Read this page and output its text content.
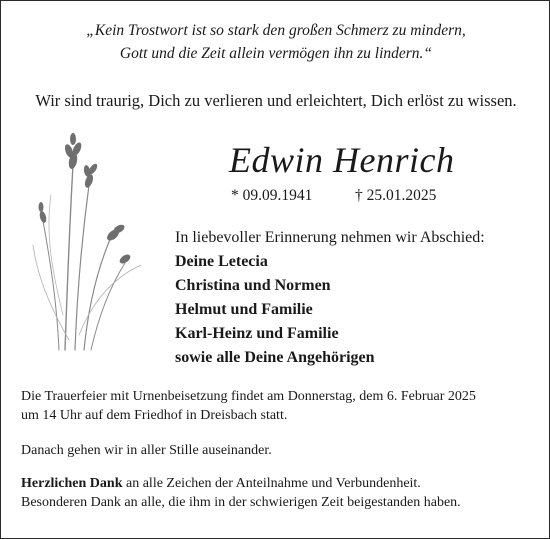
„Kein Trostwort ist so stark den großen Schmerz zu mindern,
Gott und die Zeit allein vermögen ihn zu lindern.“
Wir sind traurig, Dich zu verlieren und erleichtert, Dich erlöst zu wissen.
Edwin Henrich
* 09.09.1941	† 25.01.2025
In liebevoller Erinnerung nehmen wir Abschied:
Deine Letecia
Christina und Normen
Helmut und Familie
Karl-Heinz und Familie
sowie alle Deine Angehörigen
Die Trauerfeier mit Urnenbeisetzung findet am Donnerstag, dem 6. Februar 2025
um 14 Uhr auf dem Friedhof in Dreisbach statt.
Danach gehen wir in aller Stille auseinander.
Herzlichen Dank an alle Zeichen der Anteilnahme und Verbundenheit.
Besonderen Dank an alle, die ihm in der schwierigen Zeit beigestanden haben.
